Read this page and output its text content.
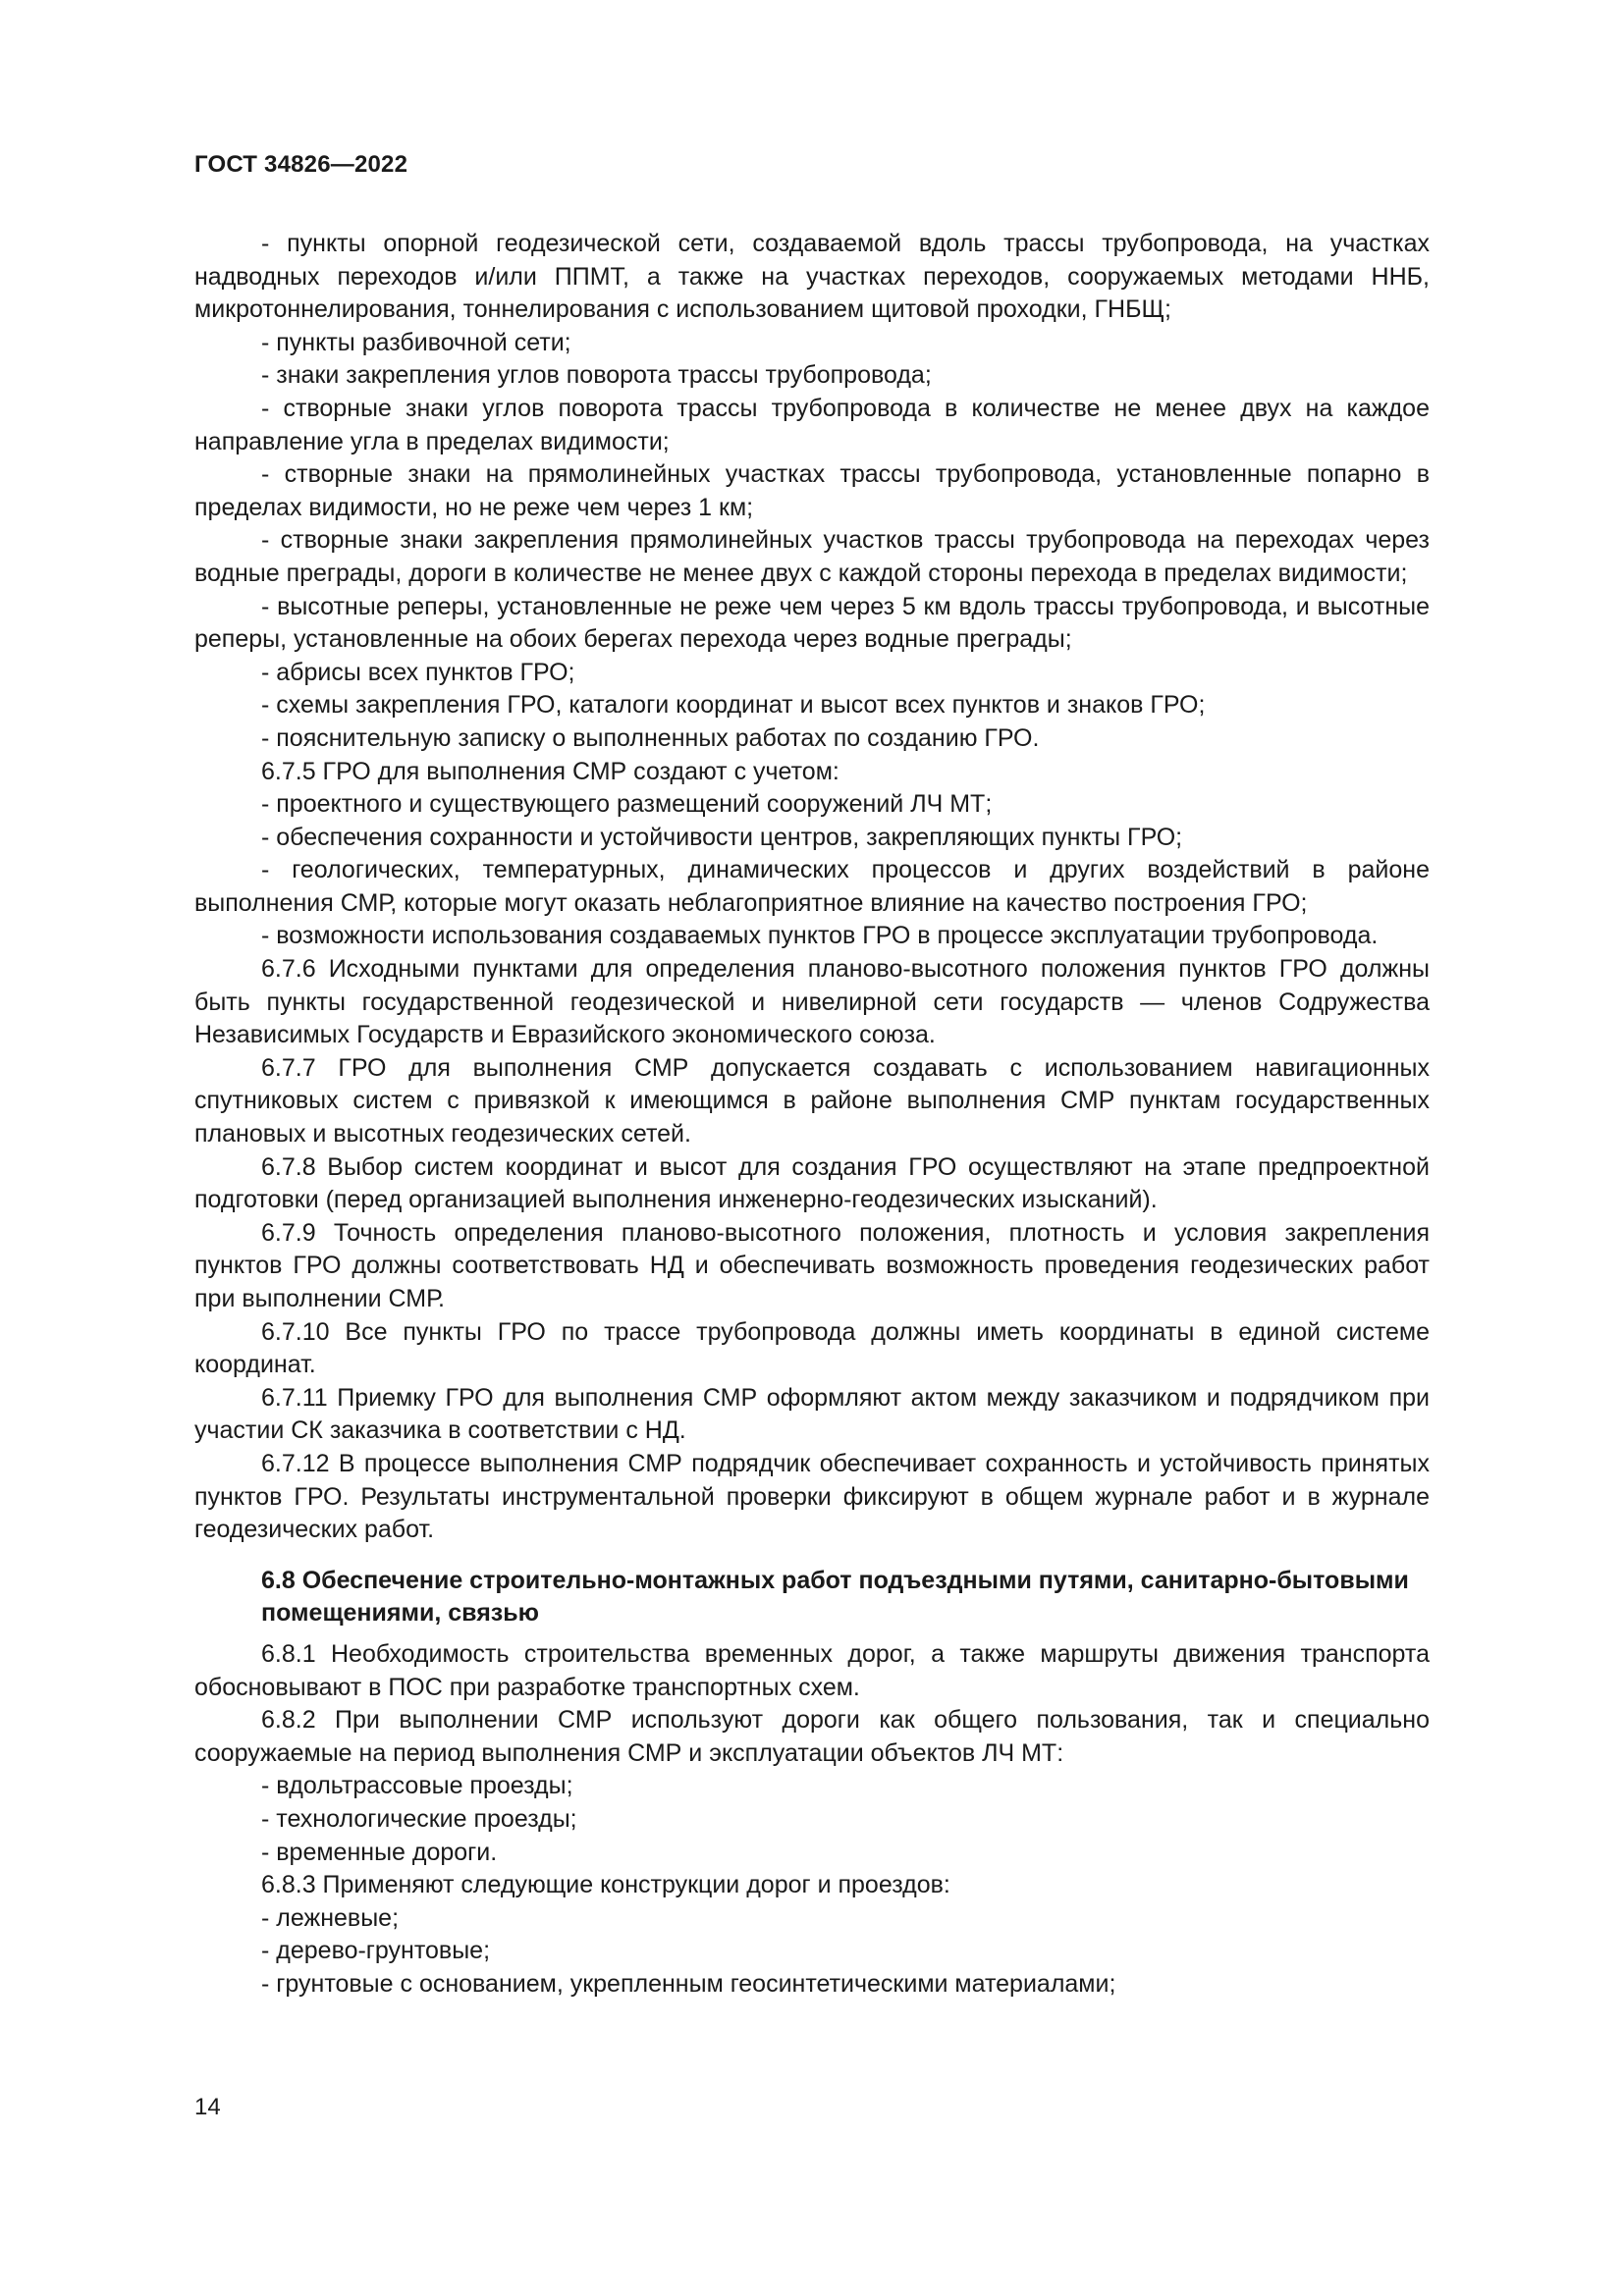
ГОСТ 34826—2022

- пункты опорной геодезической сети, создаваемой вдоль трассы трубопровода, на участках надводных переходов и/или ППМТ, а также на участках переходов, сооружаемых методами ННБ, микротоннелирования, тоннелирования с использованием щитовой проходки, ГНБЩ;

- пункты разбивочной сети;

- знаки закрепления углов поворота трассы трубопровода;

- створные знаки углов поворота трассы трубопровода в количестве не менее двух на каждое направление угла в пределах видимости;

- створные знаки на прямолинейных участках трассы трубопровода, установленные попарно в пределах видимости, но не реже чем через 1 км;

- створные знаки закрепления прямолинейных участков трассы трубопровода на переходах через водные преграды, дороги в количестве не менее двух с каждой стороны перехода в пределах видимости;

- высотные реперы, установленные не реже чем через 5 км вдоль трассы трубопровода, и высотные реперы, установленные на обоих берегах перехода через водные преграды;

- абрисы всех пунктов ГРО;

- схемы закрепления ГРО, каталоги координат и высот всех пунктов и знаков ГРО;

- пояснительную записку о выполненных работах по созданию ГРО.

6.7.5 ГРО для выполнения СМР создают с учетом:

- проектного и существующего размещений сооружений ЛЧ МТ;

- обеспечения сохранности и устойчивости центров, закрепляющих пункты ГРО;

- геологических, температурных, динамических процессов и других воздействий в районе выполнения СМР, которые могут оказать неблагоприятное влияние на качество построения ГРО;

- возможности использования создаваемых пунктов ГРО в процессе эксплуатации трубопровода.

6.7.6 Исходными пунктами для определения планово-высотного положения пунктов ГРО должны быть пункты государственной геодезической и нивелирной сети государств — членов Содружества Независимых Государств и Евразийского экономического союза.

6.7.7 ГРО для выполнения СМР допускается создавать с использованием навигационных спутниковых систем с привязкой к имеющимся в районе выполнения СМР пунктам государственных плановых и высотных геодезических сетей.

6.7.8 Выбор систем координат и высот для создания ГРО осуществляют на этапе предпроектной подготовки (перед организацией выполнения инженерно-геодезических изысканий).

6.7.9 Точность определения планово-высотного положения, плотность и условия закрепления пунктов ГРО должны соответствовать НД и обеспечивать возможность проведения геодезических работ при выполнении СМР.

6.7.10 Все пункты ГРО по трассе трубопровода должны иметь координаты в единой системе координат.

6.7.11 Приемку ГРО для выполнения СМР оформляют актом между заказчиком и подрядчиком при участии СК заказчика в соответствии с НД.

6.7.12 В процессе выполнения СМР подрядчик обеспечивает сохранность и устойчивость принятых пунктов ГРО. Результаты инструментальной проверки фиксируют в общем журнале работ и в журнале геодезических работ.

6.8 Обеспечение строительно-монтажных работ подъездными путями, санитарно-бытовыми помещениями, связью

6.8.1 Необходимость строительства временных дорог, а также маршруты движения транспорта обосновывают в ПОС при разработке транспортных схем.

6.8.2 При выполнении СМР используют дороги как общего пользования, так и специально сооружаемые на период выполнения СМР и эксплуатации объектов ЛЧ МТ:

- вдольтрассовые проезды;

- технологические проезды;

- временные дороги.

6.8.3 Применяют следующие конструкции дорог и проездов:

- лежневые;

- дерево-грунтовые;

- грунтовые с основанием, укрепленным геосинтетическими материалами;

14
